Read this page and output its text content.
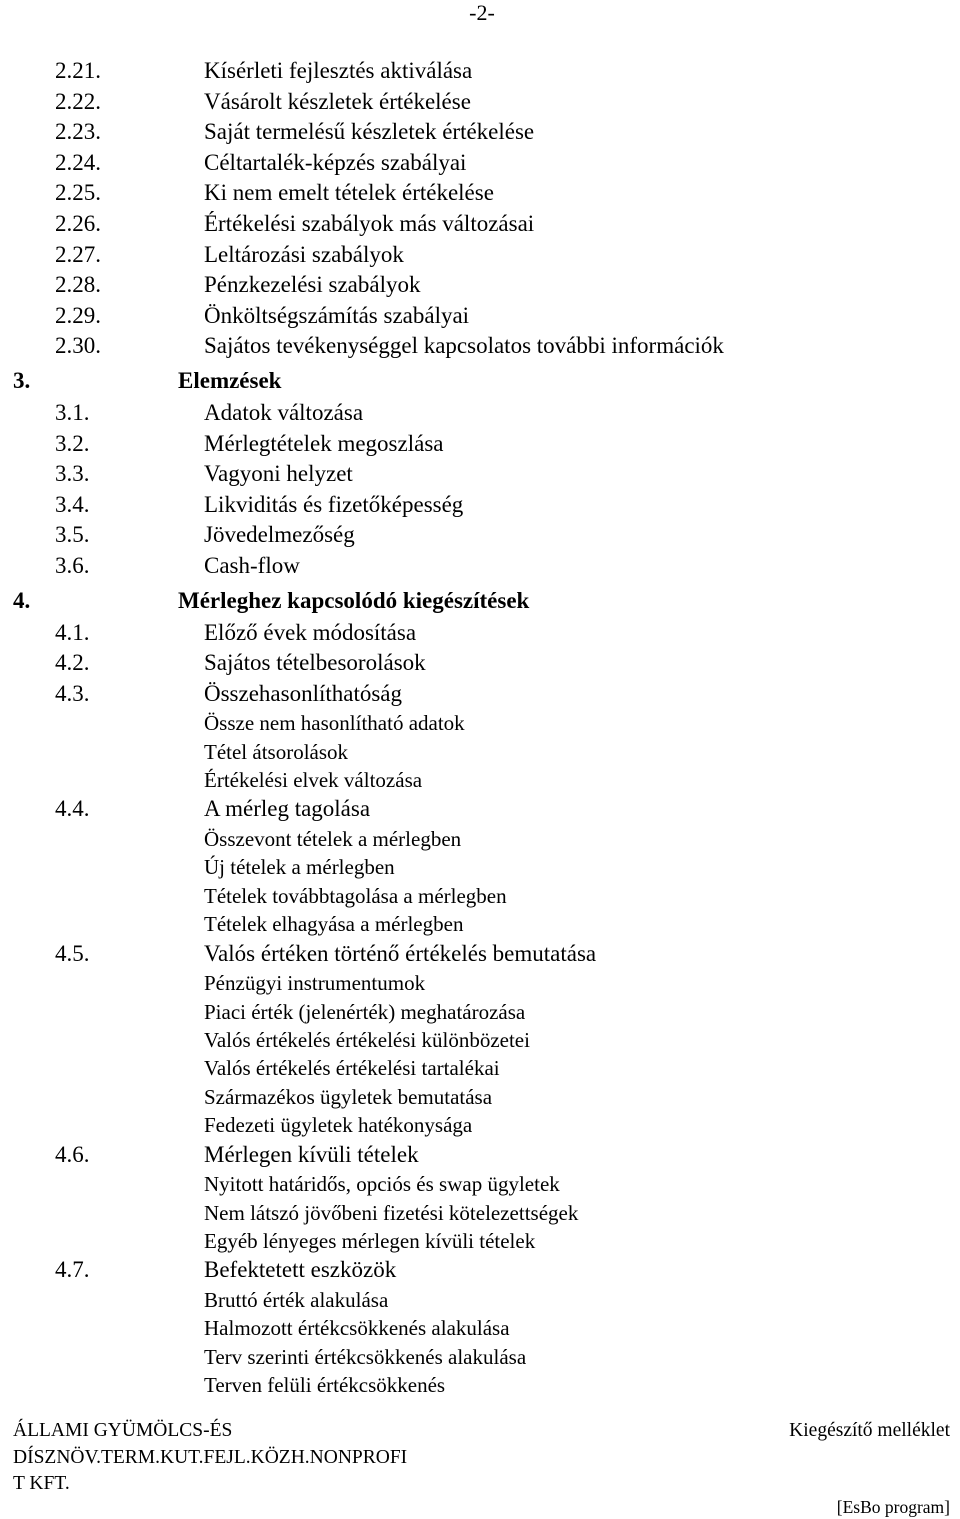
-2-
2.21.	Kísérleti fejlesztés aktiválása
2.22.	Vásárolt készletek értékelése
2.23.	Saját termelésű készletek értékelése
2.24.	Céltartalék-képzés szabályai
2.25.	Ki nem emelt tételek értékelése
2.26.	Értékelési szabályok más változásai
2.27.	Leltározási szabályok
2.28.	Pénzkezelési szabályok
2.29.	Önköltségszámítás szabályai
2.30.	Sajátos tevékenységgel kapcsolatos további információk
3.	Elemzések
3.1.	Adatok változása
3.2.	Mérlegtételek megoszlása
3.3.	Vagyoni helyzet
3.4.	Likviditás és fizetőképesség
3.5.	Jövedelmezőség
3.6.	Cash-flow
4.	Mérleghez kapcsolódó kiegészítések
4.1.	Előző évek módosítása
4.2.	Sajátos tételbesorolások
4.3.	Összehasonlíthatóság
Össze nem hasonlítható adatok
Tétel átsorolások
Értékelési elvek változása
4.4.	A mérleg tagolása
Összevont tételek a mérlegben
Új tételek a mérlegben
Tételek továbbtagolása a mérlegben
Tételek elhagyása a mérlegben
4.5.	Valós értéken történő értékelés bemutatása
Pénzügyi instrumentumok
Piaci érték (jelenérték) meghatározása
Valós értékelés értékelési különbözetei
Valós értékelés értékelési tartalékai
Származékos ügyletek bemutatása
Fedezeti ügyletek hatékonysága
4.6.	Mérlegen kívüli tételek
Nyitott határidős, opciós és swap ügyletek
Nem látszó jövőbeni fizetési kötelezettségek
Egyéb lényeges mérlegen kívüli tételek
4.7.	Befektetett eszközök
Bruttó érték alakulása
Halmozott értékcsökkenés alakulása
Terv szerinti értékcsökkenés alakulása
Terven felüli értékcsökkenés
ÁLLAMI GYÜMÖLCS-ÉS
DÍSZNÖV.TERM.KUT.FEJL.KÖZH.NONPROFI
T KFT.
Kiegészítő melléklet
[EsBo program]
